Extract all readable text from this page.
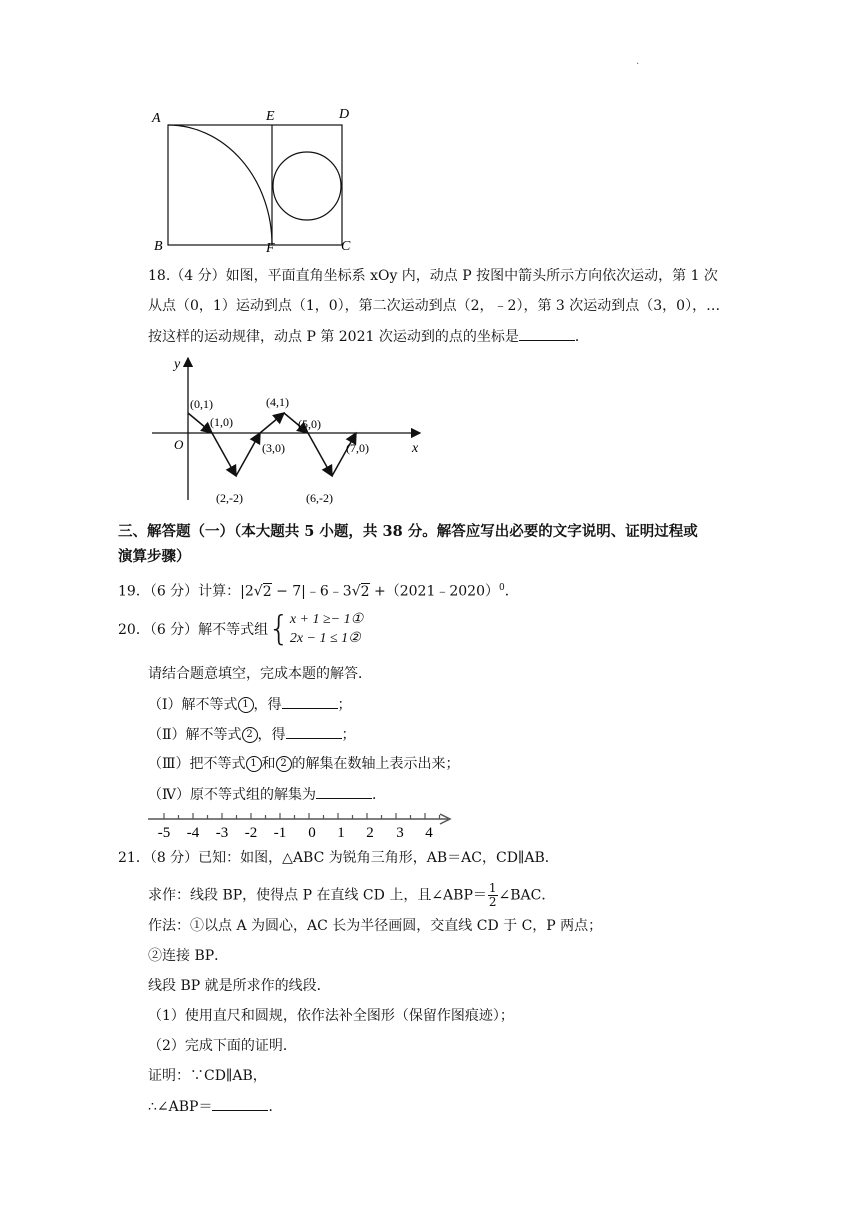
.
A	E	D
B	F	C
18.（4 分）如图，平面直角坐标系 xOy 内，动点 P 按图中箭头所示方向依次运动，第 1 次
从点（0，1）运动到点（1，0），第二次运动到点（2，﹣2），第 3 次运动到点（3，0），…
按这样的运动规律，动点 P 第 2021 次运动到的点的坐标是	．
y
x
O
(0,1)
(1,0)
(2,-2)
(3,0)
(4,1)
(5,0)
(6,-2)
(7,0)
三、解答题（一）（本大题共 5 小题，共 38 分。解答应写出必要的文字说明、证明过程或
演算步骤）
19．（6 分）计算：|2√2 − 7|﹣6﹣3√2 +（2021﹣2020）$^0$．
20．（6 分）解不等式组{ x + 1 ≥− 1①
2x − 1 ≤ 1②
请结合题意填空，完成本题的解答．
（Ⅰ）解不等式 1 ，得	；
（Ⅱ）解不等式 2 ，得	；
（Ⅲ）把不等式 1 和 2 的解集在数轴上表示出来；
（Ⅳ）原不等式组的解集为	．
-5 -4 -3 -2 -1 0 1 2 3 4
21．（8 分）已知：如图，△ABC 为锐角三角形，AB＝AC，CD∥AB．
求作：线段 BP，使得点 P 在直线 CD 上，且∠ABP＝ $\frac{1}{2}$ ∠BAC．
作法：①以点 A 为圆心，AC 长为半径画圆，交直线 CD 于 C，P 两点；
②连接 BP．
线段 BP 就是所求作的线段．
（1）使用直尺和圆规，依作法补全图形（保留作图痕迹）；
（2）完成下面的证明．
证明：∵CD∥AB，
∴∠ABP＝	．
